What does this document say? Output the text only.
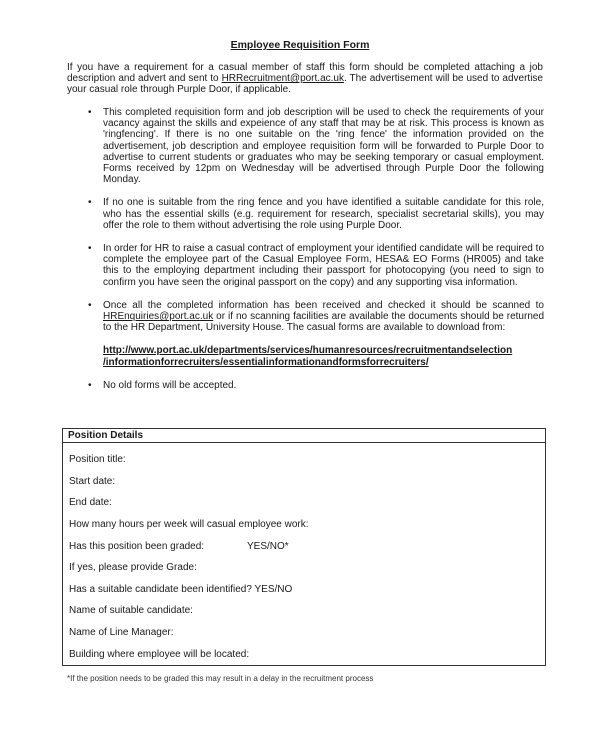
Employee Requisition Form

If you have a requirement for a casual member of staff this form should be completed attaching a job description and advert and sent to HRRecruitment@port.ac.uk. The advertisement will be used to advertise your casual role through Purple Door, if applicable.

• This completed requisition form and job description will be used to check the requirements of your vacancy against the skills and expeience of any staff that may be at risk. This process is known as 'ringfencing'. If there is no one suitable on the 'ring fence' the information provided on the advertisement, job description and employee requisition form will be forwarded to Purple Door to advertise to current students or graduates who may be seeking temporary or casual employment. Forms received by 12pm on Wednesday will be advertised through Purple Door the following Monday.
• If no one is suitable from the ring fence and you have identified a suitable candidate for this role, who has the essential skills (e.g. requirement for research, specialist secretarial skills), you may offer the role to them without advertising the role using Purple Door.
• In order for HR to raise a casual contract of employment your identified candidate will be required to complete the employee part of the Casual Employee Form, HESA& EO Forms (HR005) and take this to the employing department including their passport for photocopying (you need to sign to confirm you have seen the original passport on the copy) and any supporting visa information.
• Once all the completed information has been received and checked it should be scanned to HREnquiries@port.ac.uk or if no scanning facilities are available the documents should be returned to the HR Department, University House. The casual forms are available to download from:
http://www.port.ac.uk/departments/services/humanresources/recruitmentandselection
/informationforrecruiters/essentialinformationandformsforrecruiters/
• No old forms will be accepted.
Position Details
Position title:
Start date:
End date:
How many hours per week will casual employee work:
Has this position been graded:	YES/NO*
If yes, please provide Grade:
Has a suitable candidate been identified? YES/NO
Name of suitable candidate:
Name of Line Manager:
Building where employee will be located:
*If the position needs to be graded this may result in a delay in the recruitment process
